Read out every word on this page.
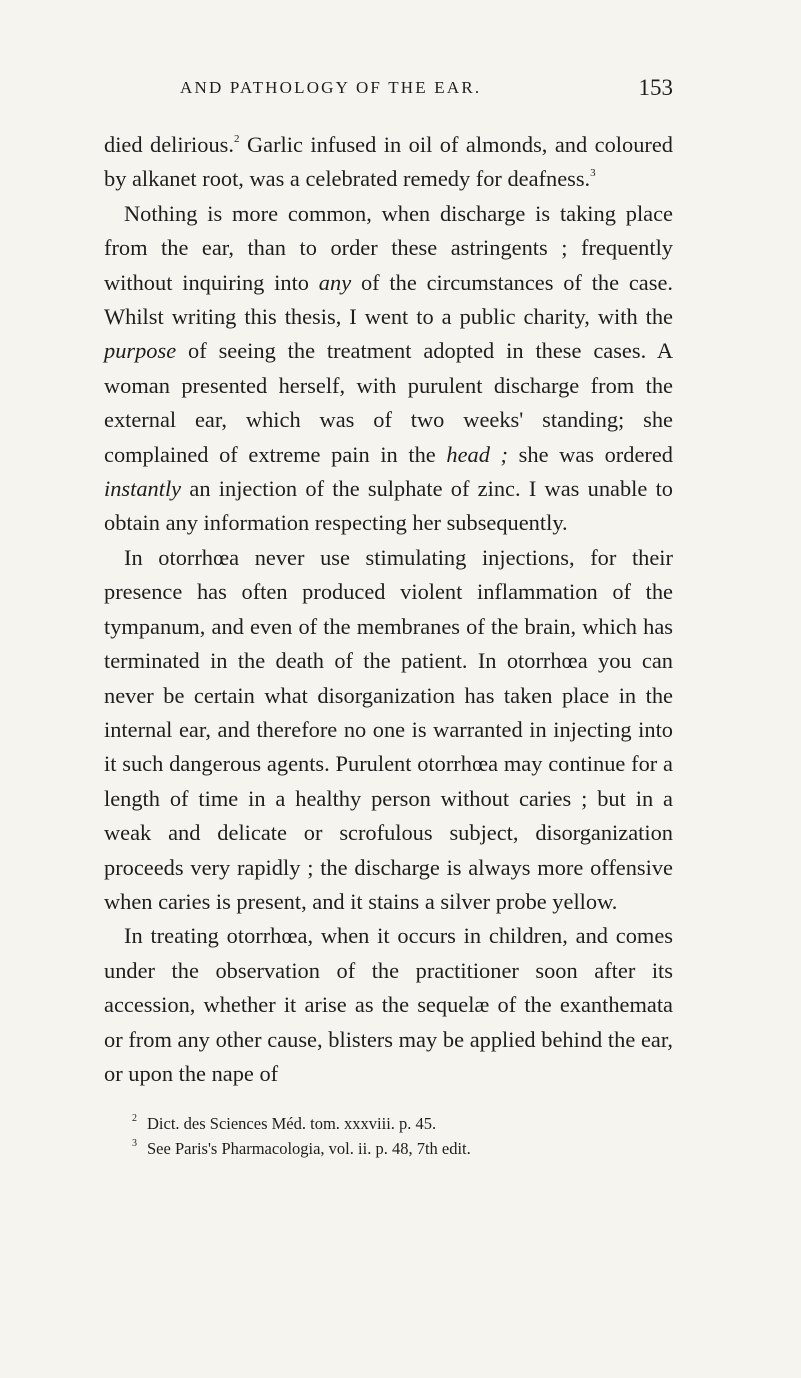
AND PATHOLOGY OF THE EAR.	153

died delirious.$^2$ Garlic infused in oil of almonds, and coloured by alkanet root, was a celebrated remedy for deafness.$^3$

Nothing is more common, when discharge is taking place from the ear, than to order these astringents ; frequently without inquiring into any of the circumstances of the case. Whilst writing this thesis, I went to a public charity, with the purpose of seeing the treatment adopted in these cases. A woman presented herself, with purulent discharge from the external ear, which was of two weeks' standing; she complained of extreme pain in the head ; she was ordered instantly an injection of the sulphate of zinc. I was unable to obtain any information respecting her subsequently.

In otorrhœa never use stimulating injections, for their presence has often produced violent inflammation of the tympanum, and even of the membranes of the brain, which has terminated in the death of the patient. In otorrhœa you can never be certain what disorganization has taken place in the internal ear, and therefore no one is warranted in injecting into it such dangerous agents. Purulent otorrhœa may continue for a length of time in a healthy person without caries ; but in a weak and delicate or scrofulous subject, disorganization proceeds very rapidly ; the discharge is always more offensive when caries is present, and it stains a silver probe yellow.

In treating otorrhœa, when it occurs in children, and comes under the observation of the practitioner soon after its accession, whether it arise as the sequelæ of the exanthemata or from any other cause, blisters may be applied behind the ear, or upon the nape of

$^2$ Dict. des Sciences Méd. tom. xxxviii. p. 45.

$^3$ See Paris's Pharmacologia, vol. ii. p. 48, 7th edit.
